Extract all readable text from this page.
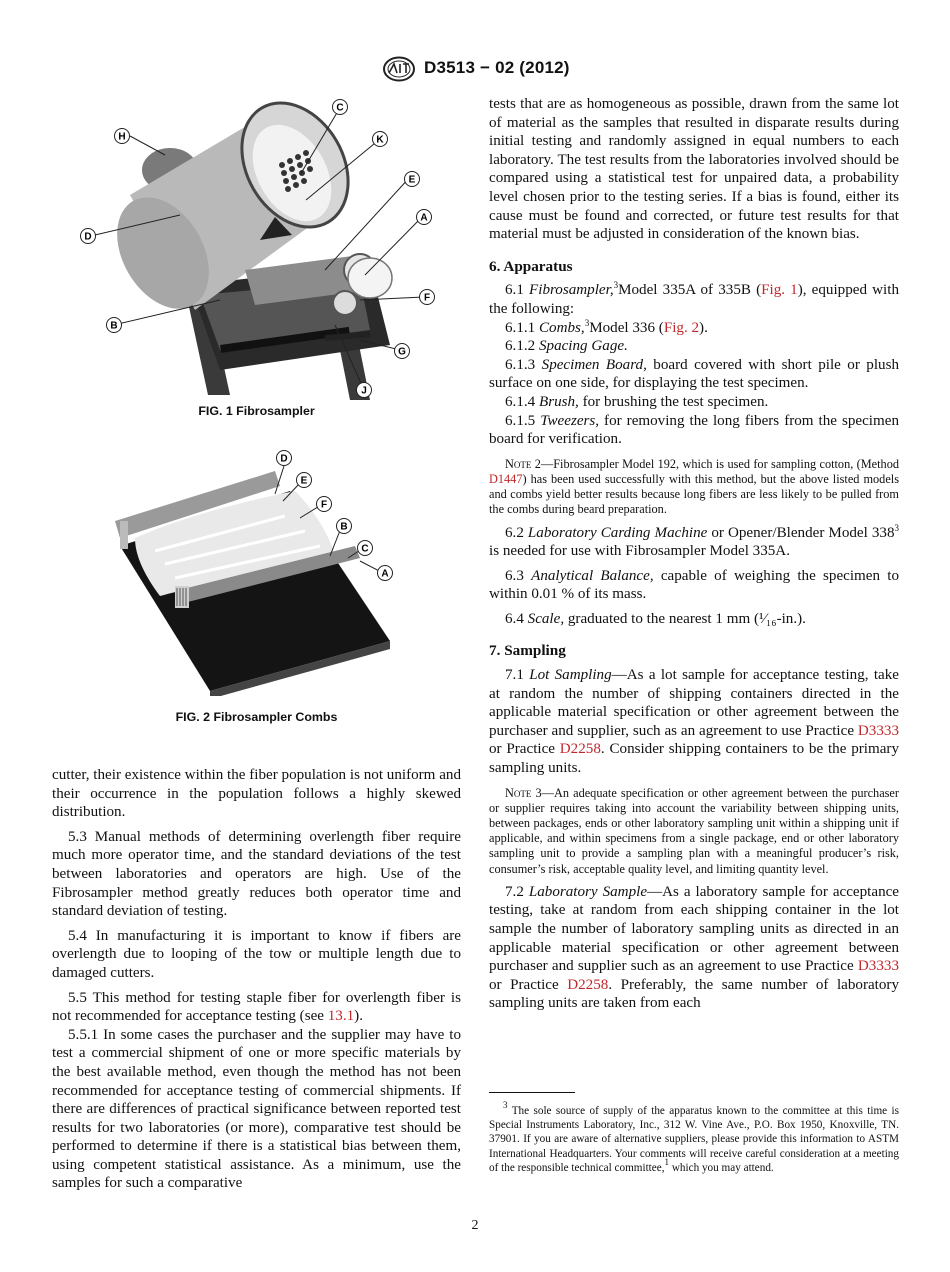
D3513 − 02 (2012)
C
K
H
E
D
A
F
B
G
J
FIG. 1 Fibrosampler
D
E
F
B
C
A
FIG. 2 Fibrosampler Combs

cutter, their existence within the fiber population is not uniform and their occurrence in the population follows a highly skewed distribution.

5.3 Manual methods of determining overlength fiber require much more operator time, and the standard deviations of the test between laboratories and operators are high. Use of the Fibrosampler method greatly reduces both operator time and standard deviation of testing.

5.4 In manufacturing it is important to know if fibers are overlength due to looping of the tow or multiple length due to damaged cutters.

5.5 This method for testing staple fiber for overlength fiber is not recommended for acceptance testing (see 13.1).

5.5.1 In some cases the purchaser and the supplier may have to test a commercial shipment of one or more specific materials by the best available method, even though the method has not been recommended for acceptance testing of commercial shipments. If there are differences of practical significance between reported test results for two laboratories (or more), comparative test should be performed to determine if there is a statistical bias between them, using competent statistical assistance. As a minimum, use the samples for such a comparative

tests that are as homogeneous as possible, drawn from the same lot of material as the samples that resulted in disparate results during initial testing and randomly assigned in equal numbers to each laboratory. The test results from the laboratories involved should be compared using a statistical test for unpaired data, a probability level chosen prior to the testing series. If a bias is found, either its cause must be found and corrected, or future test results for that material must be adjusted in consideration of the known bias.

6. Apparatus

6.1 Fibrosampler,$^3$Model 335A of 335B (Fig. 1), equipped with the following:

6.1.1 Combs,$^3$Model 336 (Fig. 2).

6.1.2 Spacing Gage.

6.1.3 Specimen Board, board covered with short pile or plush surface on one side, for displaying the test specimen.

6.1.4 Brush, for brushing the test specimen.

6.1.5 Tweezers, for removing the long fibers from the specimen board for verification.

Note 2—Fibrosampler Model 192, which is used for sampling cotton, (Method D1447) has been used successfully with this method, but the above listed models and combs yield better results because long fibers are less likely to be pulled from the combs during beard preparation.

6.2 Laboratory Carding Machine or Opener/Blender Model $338^3$ is needed for use with Fibrosampler Model 335A.

6.3 Analytical Balance, capable of weighing the specimen to within 0.01 % of its mass.

6.4 Scale, graduated to the nearest 1 mm (¹⁄₁₆-in.).

7. Sampling

7.1 Lot Sampling—As a lot sample for acceptance testing, take at random the number of shipping containers directed in the applicable material specification or other agreement between the purchaser and supplier, such as an agreement to use Practice D3333 or Practice D2258. Consider shipping containers to be the primary sampling units.

Note 3—An adequate specification or other agreement between the purchaser or supplier requires taking into account the variability between shipping units, between packages, ends or other laboratory sampling unit within a shipping unit if applicable, and within specimens from a single package, end or other laboratory sampling unit to provide a sampling plan with a meaningful producer’s risk, consumer’s risk, acceptable quality level, and limiting quantity level.

7.2 Laboratory Sample—As a laboratory sample for acceptance testing, take at random from each shipping container in the lot sample the number of laboratory sampling units as directed in an applicable material specification or other agreement between purchaser and supplier such as an agreement to use Practice D3333 or Practice D2258. Preferably, the same number of laboratory sampling units are taken from each

$^3$ The sole source of supply of the apparatus known to the committee at this time is Special Instruments Laboratory, Inc., 312 W. Vine Ave., P.O. Box 1950, Knoxville, TN. 37901. If you are aware of alternative suppliers, please provide this information to ASTM International Headquarters. Your comments will receive careful consideration at a meeting of the responsible technical committee,$^1$ which you may attend.
2
